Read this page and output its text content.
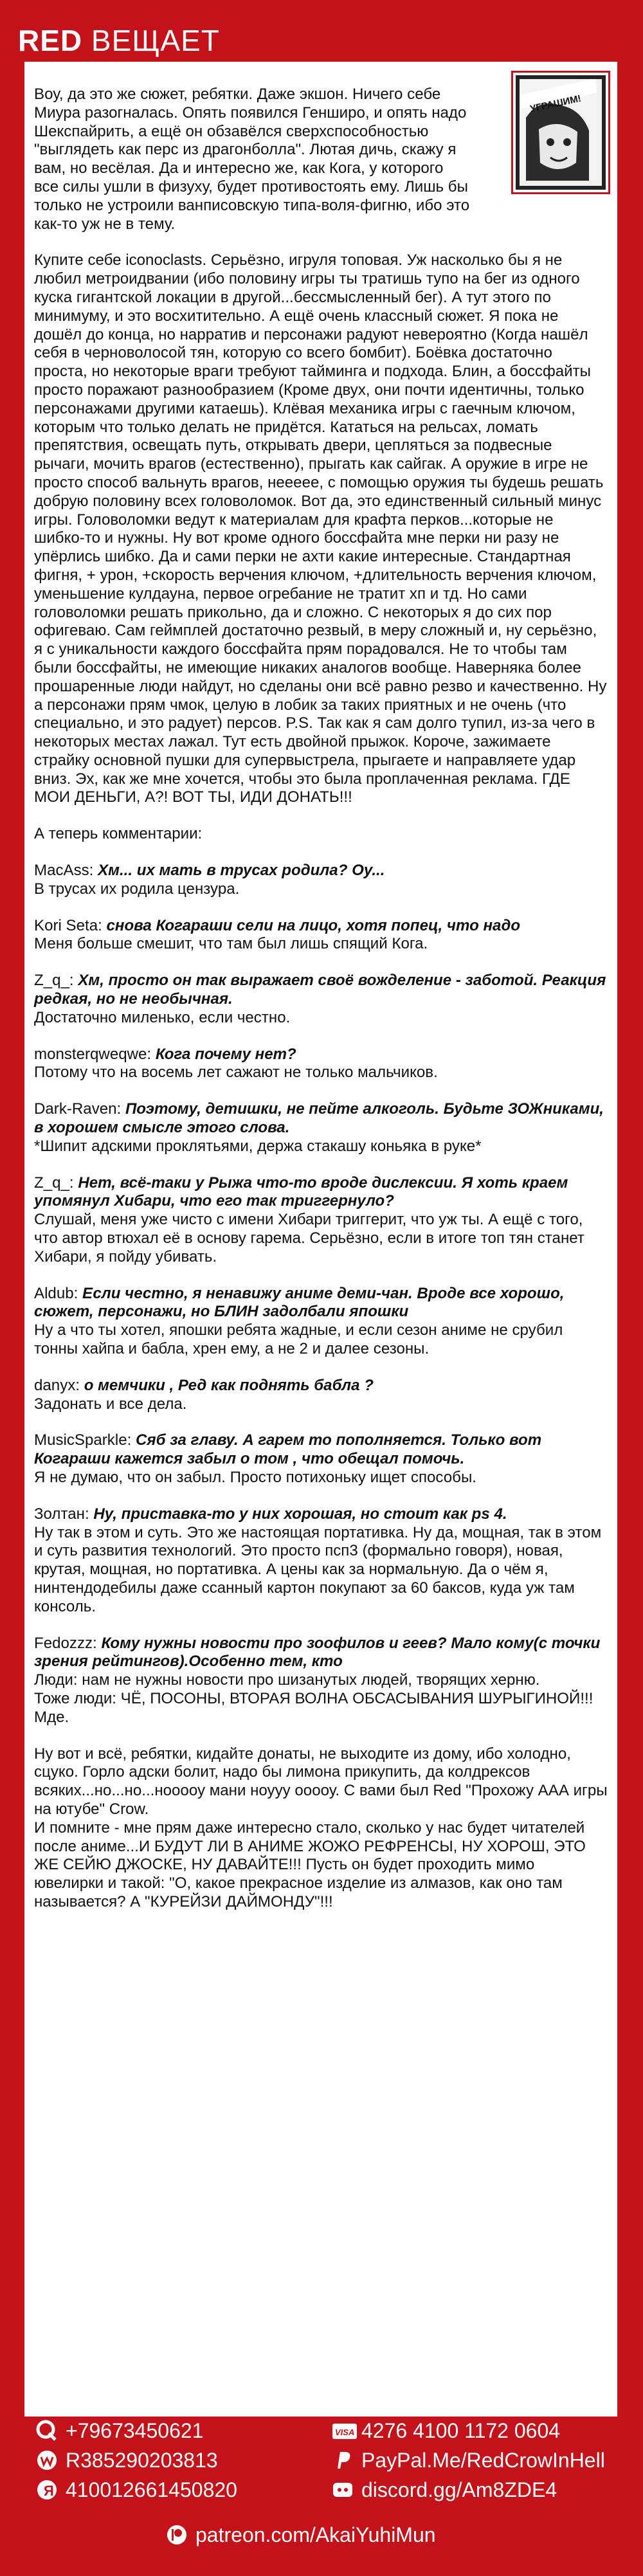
RED ВЕЩАЕТ
УГРАШИМ!

Воу, да это же сюжет, ребятки. Даже экшон. Ничего себе Миура разогналась. Опять появился Генширо, и опять надо Шекспайрить, а ещё он обзавёлся сверхспособностью "выглядеть как перс из драгонболла". Лютая дичь, скажу я вам, но весёлая. Да и интересно же, как Кога, у которого все силы ушли в физуху, будет противостоять ему. Лишь бы только не устроили ванписовскую типа-воля-фигню, ибо это как-то уж не в тему.

Купите себе iconoclasts. Серьёзно, игруля топовая. Уж насколько бы я не любил метроидвании (ибо половину игры ты тратишь тупо на бег из одного куска гигантской локации в другой...бессмысленный бег). А тут этого по минимуму, и это восхитительно. А ещё очень классный сюжет. Я пока не дошёл до конца, но нарратив и персонажи радуют невероятно (Когда нашёл себя в черноволосой тян, которую со всего бомбит). Боёвка достаточно проста, но некоторые враги требуют тайминга и подхода. Блин, а боссфайты просто поражают разнообразием (Кроме двух, они почти идентичны, только персонажами другими катаешь). Клёвая механика игры с гаечным ключом, которым что только делать не придётся. Кататься на рельсах, ломать препятствия, освещать путь, открывать двери, цепляться за подвесные рычаги, мочить врагов (естественно), прыгать как сайгак. А оружие в игре не просто способ вальнуть врагов, нееееe, с помощью оружия ты будешь решать добрую половину всех головоломок. Вот да, это единственный сильный минус игры. Головоломки ведут к материалам для крафта перков...которые не шибко-то и нужны. Ну вот кроме одного боссфайта мне перки ни разу не упёрлись шибко. Да и сами перки не ахти какие интересные. Стандартная фигня, + урон, +скорость верчения ключом, +длительность верчения ключом, уменьшение кулдауна, первое огребание не тратит хп и тд. Но сами головоломки решать прикольно, да и сложно. С некоторых я до сих пор офигеваю. Сам геймплей достаточно резвый, в меру сложный и, ну серьёзно, я с уникальности каждого боссфайта прям порадовался. Не то чтобы там были боссфайты, не имеющие никаких аналогов вообще. Наверняка более прошаренные люди найдут, но сделаны они всё равно резво и качественно. Ну а персонажи прям чмок, целую в лобик за таких приятных и не очень (что специально, и это радует) персов. P.S. Так как я сам долго тупил, из-за чего в некоторых местах лажал. Тут есть двойной прыжок. Короче, зажимаете страйку основной пушки для супервыстрела, прыгаете и направляете удар вниз. Эх, как же мне хочется, чтобы это была проплаченная реклама. ГДЕ МОИ ДЕНЬГИ, А?! ВОТ ТЫ, ИДИ ДОНАТЬ!!!

А теперь комментарии:

MacAss: Хм... их мать в трусах родила? Оу...
В трусах их родила цензура.
Kori Seta: снова Когараши сели на лицо, хотя попец, что надо
Меня больше смешит, что там был лишь спящий Кога.
Z_q_: Хм, просто он так выражает своё вожделение - заботой. Реакция редкая, но не необычная.
Достаточно миленько, если честно.
monsterqweqwe: Кога почему нет?
Потому что на восемь лет сажают не только мальчиков.
Dark-Raven: Поэтому, детишки, не пейте алкоголь. Будьте ЗОЖниками, в хорошем смысле этого слова.
*Шипит адскими проклятьями, держа стакашу коньяка в руке*
Z_q_: Нет, всё-таки у Рыжа что-то вроде дислексии. Я хоть краем упомянул Хибари, что его так триггернуло?
Слушай, меня уже чисто с имени Хибари триггерит, что уж ты. А ещё с того, что автор втюхал её в основу гарема. Серьёзно, если в итоге топ тян станет Хибари, я пойду убивать.
Aldub: Если честно, я ненавижу аниме деми-чан. Вроде все хорошо, сюжет, персонажи, но БЛИН задолбали япошки
Ну а что ты хотел, япошки ребята жадные, и если сезон аниме не срубил тонны хайпа и бабла, хрен ему, а не 2 и далее сезоны.
danyx: о мемчики , Ред как поднять бабла ?
Задонать и все дела.
MusicSparkle: Сяб за главу. А гарем то пополняется. Только вот Когараши кажется забыл о том , что обещал помочь.
Я не думаю, что он забыл. Просто потихоньку ищет способы.
Золтан: Ну, приставка-то у них хорошая, но стоит как ps 4.
Ну так в этом и суть. Это же настоящая портативка. Ну да, мощная, так в этом и суть развития технологий. Это просто псп3 (формально говоря), новая, крутая, мощная, но портативка. А цены как за нормальную. Да о чём я, нинтендодебилы даже ссанный картон покупают за 60 баксов, куда уж там консоль.
Fedozzz: Кому нужны новости про зоофилов и геев? Мало кому(с точки зрения рейтингов).Особенно тем, кто
Люди: нам не нужны новости про шизанутых людей, творящих херню.
Тоже люди: ЧЁ, ПОСОНЫ, ВТОРАЯ ВОЛНА ОБСАСЫВАНИЯ ШУРЫГИНОЙ!!!
Мде.

Ну вот и всё, ребятки, кидайте донаты, не выходите из дому, ибо холодно, сцуко. Горло адски болит, надо бы лимона прикупить, да колдрексов всяких...но...но...нооооу мани ноууу ооооу. С вами был Red "Прохожу ААА игры на ютубе" Crow.
И помните - мне прям даже интересно стало, сколько у нас будет читателей после аниме...И БУДУТ ЛИ В АНИМЕ ЖОЖО РЕФРЕНСЫ, НУ ХОРОШ, ЭТО ЖЕ СЕЙЮ ДЖОСКЕ, НУ ДАВАЙТЕ!!! Пусть он будет проходить мимо ювелирки и такой: "О, какое прекрасное изделие из алмазов, как оно там называется? А "КУРЕЙЗИ ДАЙМОНДУ"!!!

+79673450621
R385290203813
Я 410012661450820
VISA 4276 4100 1172 0604
PayPal.Me/RedCrowInHell
discord.gg/Am8ZDE4
patreon.com/AkaiYuhiMun
